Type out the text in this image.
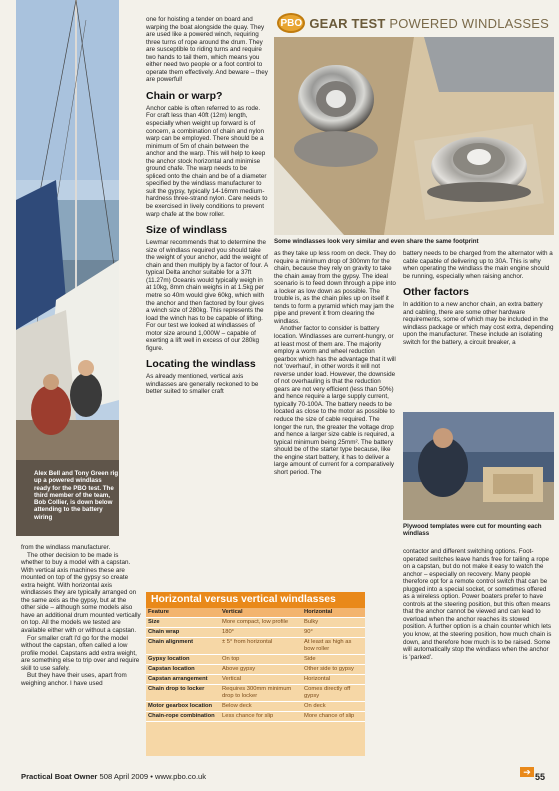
PBO GEAR TEST POWERED WINDLASSES
Some windlasses look very similar and even share the same footprint
Alex Bell and Tony Green rig up a powered windlass ready for the PBO test. The third member of the team, Bob Collier, is down below attending to the battery wiring
Plywood templates were cut for mounting each windlass

from the windlass manufacturer.

The other decision to be made is whether to buy a model with a capstan. With vertical axis machines these are mounted on top of the gypsy so create extra height. With horizontal axis windlasses they are typically arranged on the same axis as the gypsy, but at the other side – although some models also have an additional drum mounted vertically on top. All the models we tested are available either with or without a capstan.

For smaller craft I'd go for the model without the capstan, often called a low profile model. Capstans add extra weight, are something else to trip over and require skill to use safely.

But they have their uses, apart from weighing anchor. I have used

one for hoisting a tender on board and warping the boat alongside the quay. They are used like a powered winch, requiring three turns of rope around the drum. They are susceptible to riding turns and require two hands to tail them, which means you either need two people or a foot control to operate them effectively. And beware – they are powerful!

Chain or warp?

Anchor cable is often referred to as rode. For craft less than 40ft (12m) length, especially when weight up forward is of concern, a combination of chain and nylon warp can be employed. There should be a minimum of 5m of chain between the anchor and the warp. This will help to keep the anchor stock horizontal and minimise ground chafe. The warp needs to be spliced onto the chain and be of a diameter specified by the windlass manufacturer to suit the gypsy, typically 14-16mm medium-hardness three-strand nylon. Care needs to be exercised in lively conditions to prevent warp chafe at the bow roller.

Size of windlass

Lewmar recommends that to determine the size of windlass required you should take the weight of your anchor, add the weight of chain and then multiply by a factor of four. A typical Delta anchor suitable for a 37ft (11.27m) Oceanis would typically weigh in at 10kg, 8mm chain weighs in at 1.5kg per metre so 40m would give 60kg, which with the anchor and then factored by four gives a winch size of 280kg. This represents the load the winch has to be capable of lifting. For our test we looked at windlasses of motor size around 1,000W – capable of exerting a lift well in excess of our 280kg figure.

Locating the windlass

As already mentioned, vertical axis windlasses are generally reckoned to be better suited to smaller craft

as they take up less room on deck. They do require a minimum drop of 300mm for the chain, because they rely on gravity to take the chain away from the gypsy. The ideal scenario is to feed down through a pipe into a locker as low down as possible. The trouble is, as the chain piles up on itself it tends to form a pyramid which may jam the pipe and prevent it from clearing the windlass.

Another factor to consider is battery location. Windlasses are current-hungry, or at least most of them are. The majority employ a worm and wheel reduction gearbox which has the advantage that it will not 'overhaul', in other words it will not reverse under load. However, the downside of not overhauling is that the reduction gears are not very efficient (less than 50%) and hence require a large supply current, typically 70-100A. The battery needs to be located as close to the motor as possible to reduce the size of cable required. The longer the run, the greater the voltage drop and hence a larger size cable is required, a typical minimum being 25mm². The battery should be of the starter type because, like the engine start battery, it has to deliver a large amount of current for a comparatively short period. The

battery needs to be charged from the alternator with a cable capable of delivering up to 30A. This is why when operating the windlass the main engine should be running, especially when raising anchor.

Other factors

In addition to a new anchor chain, an extra battery and cabling, there are some other hardware requirements, some of which may be included in the windlass package or which may cost extra, depending upon the manufacturer. These include an isolating switch for the battery, a circuit breaker, a

contactor and different switching options. Foot-operated switches leave hands free for tailing a rope on a capstan, but do not make it easy to watch the anchor – especially on recovery. Many people therefore opt for a remote control switch that can be plugged into a special socket, or sometimes offered as a wireless option. Power boaters prefer to have controls at the steering position, but this often means that the anchor cannot be viewed and can lead to overload when the anchor reaches its stowed position. A further option is a chain counter which lets you know, at the steering position, how much chain is down, and therefore how much is to be raised. Some will automatically stop the windlass when the anchor is 'parked'.

Horizontal versus vertical windlasses
Feature	Vertical	Horizontal
Size	More compact, low profile	Bulky
Chain wrap	180°	90°
Chain alignment	± 5° from horizontal	At least as high as bow roller
Gypsy location	On top	Side
Capstan location	Above gypsy	Other side to gypsy
Capstan arrangement	Vertical	Horizontal
Chain drop to locker	Requires 300mm minimum drop to locker	Comes directly off gypsy
Motor gearbox location	Below deck	On deck
Chain-rope combination	Less chance for slip	More chance of slip
➔
Practical Boat Owner 508 April 2009 • www.pbo.co.uk	55
